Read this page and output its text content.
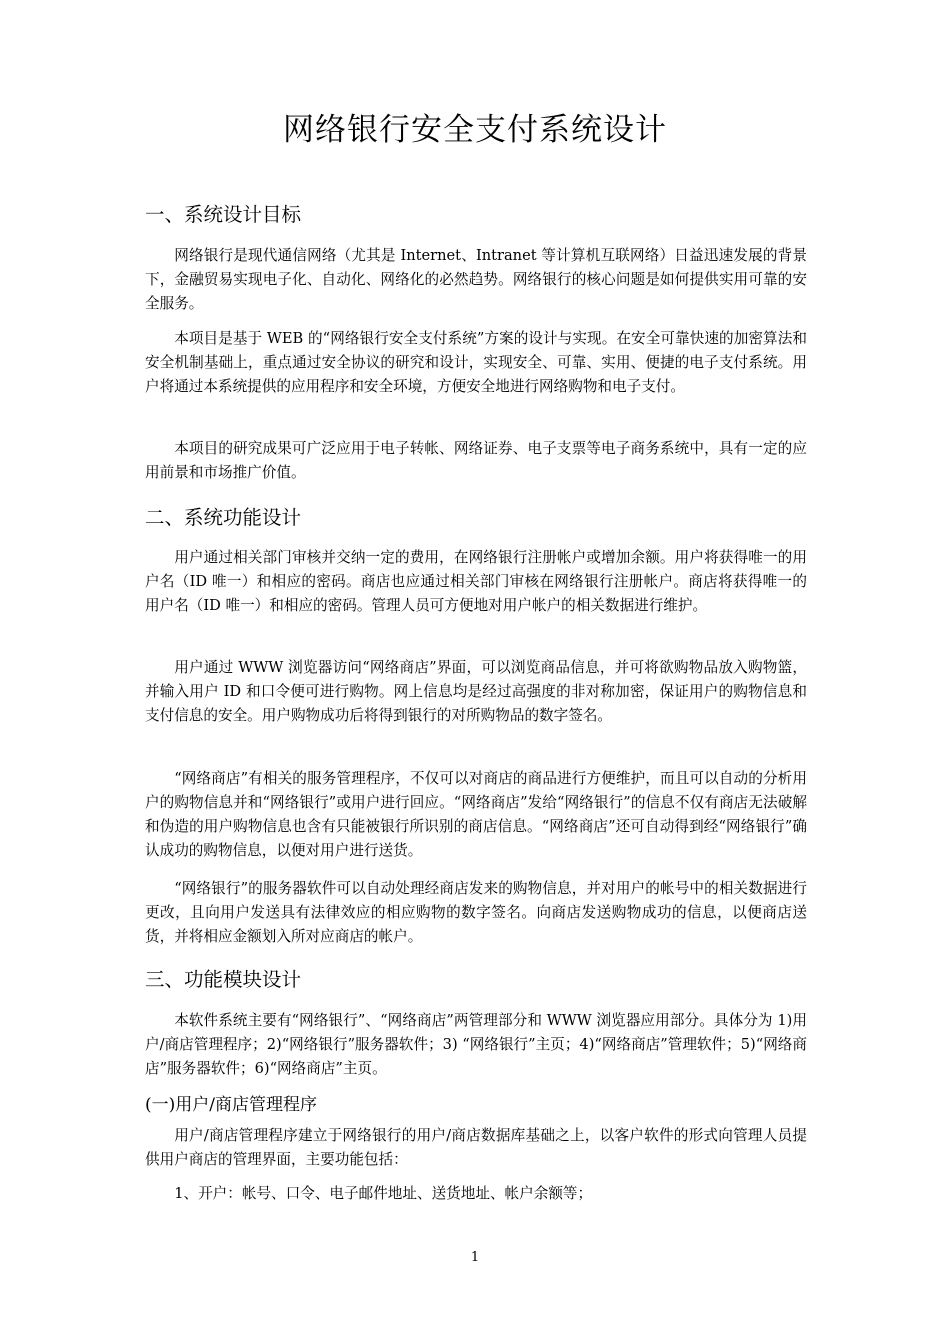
网络银行安全支付系统设计
一、系统设计目标

网络银行是现代通信网络（尤其是 Internet、Intranet 等计算机互联网络）日益迅速发展的背景下，金融贸易实现电子化、自动化、网络化的必然趋势。网络银行的核心问题是如何提供实用可靠的安全服务。

本项目是基于 WEB 的“网络银行安全支付系统”方案的设计与实现。在安全可靠快速的加密算法和安全机制基础上，重点通过安全协议的研究和设计，实现安全、可靠、实用、便捷的电子支付系统。用户将通过本系统提供的应用程序和安全环境，方便安全地进行网络购物和电子支付。

本项目的研究成果可广泛应用于电子转帐、网络证券、电子支票等电子商务系统中，具有一定的应用前景和市场推广价值。

二、系统功能设计

用户通过相关部门审核并交纳一定的费用，在网络银行注册帐户或增加余额。用户将获得唯一的用户名（ID 唯一）和相应的密码。商店也应通过相关部门审核在网络银行注册帐户。商店将获得唯一的用户名（ID 唯一）和相应的密码。管理人员可方便地对用户帐户的相关数据进行维护。

用户通过 WWW 浏览器访问“网络商店”界面，可以浏览商品信息，并可将欲购物品放入购物篮，并输入用户 ID 和口令便可进行购物。网上信息均是经过高强度的非对称加密，保证用户的购物信息和支付信息的安全。用户购物成功后将得到银行的对所购物品的数字签名。

“网络商店”有相关的服务管理程序，不仅可以对商店的商品进行方便维护，而且可以自动的分析用户的购物信息并和“网络银行”或用户进行回应。“网络商店”发给“网络银行”的信息不仅有商店无法破解和伪造的用户购物信息也含有只能被银行所识别的商店信息。“网络商店”还可自动得到经“网络银行”确认成功的购物信息，以便对用户进行送货。

“网络银行”的服务器软件可以自动处理经商店发来的购物信息，并对用户的帐号中的相关数据进行更改，且向用户发送具有法律效应的相应购物的数字签名。向商店发送购物成功的信息，以便商店送货，并将相应金额划入所对应商店的帐户。

三、功能模块设计

本软件系统主要有“网络银行”、“网络商店”两管理部分和 WWW 浏览器应用部分。具体分为 1)用户/商店管理程序；2)“网络银行”服务器软件；3) “网络银行”主页；4)“网络商店”管理软件；5)“网络商店”服务器软件；6)“网络商店”主页。

(一)用户/商店管理程序

用户/商店管理程序建立于网络银行的用户/商店数据库基础之上，以客户软件的形式向管理人员提供用户商店的管理界面，主要功能包括：

1、开户：帐号、口令、电子邮件地址、送货地址、帐户余额等；

1
